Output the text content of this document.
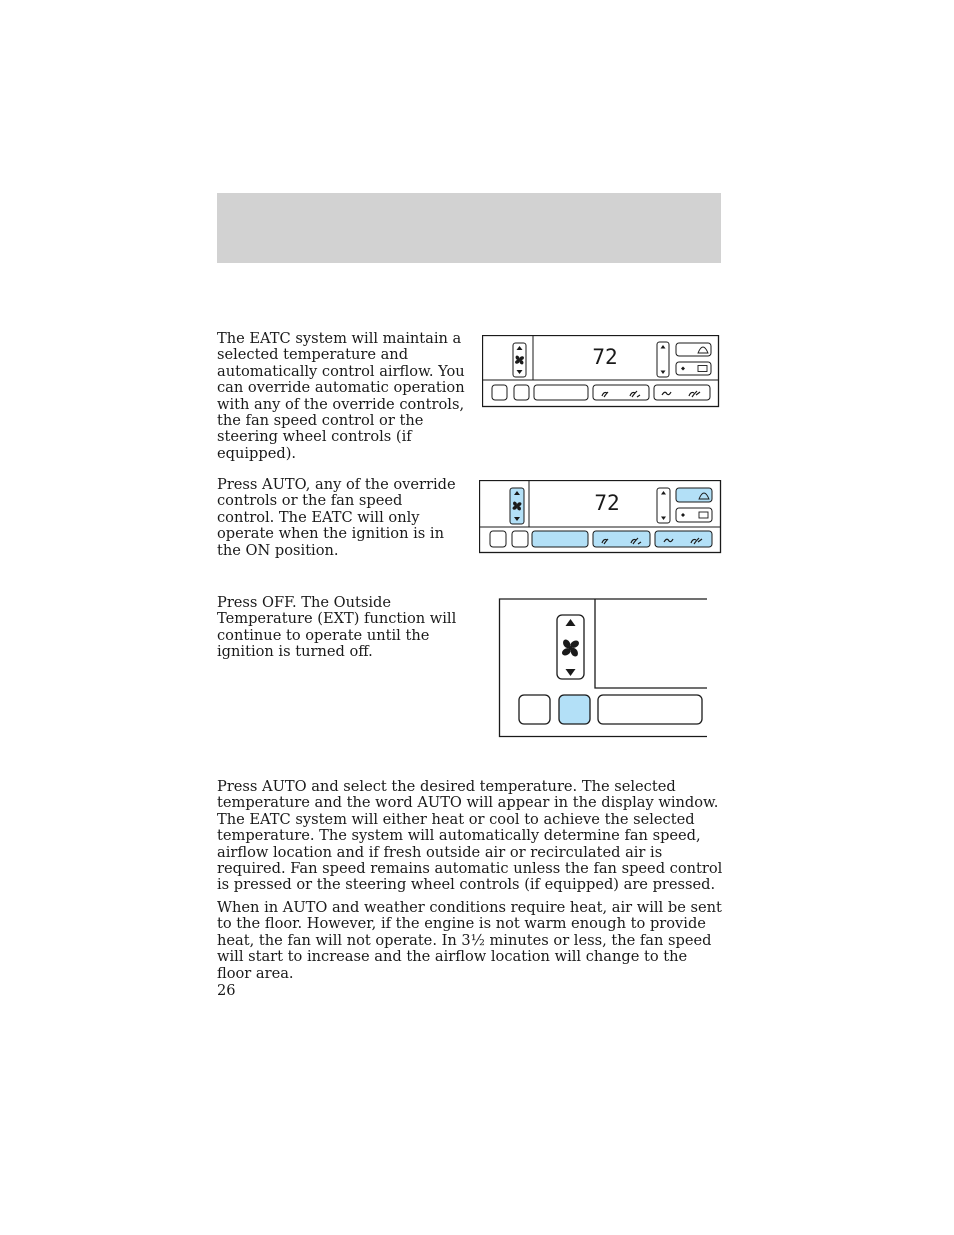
The EATC system will maintain a selected temperature and automatically control airflow. You can override automatic operation with any of the override controls, the fan speed control or the steering wheel controls (if equipped).

72

Press AUTO, any of the override controls or the fan speed control. The EATC will only operate when the ignition is in the ON position.

72

Press OFF. The Outside Temperature (EXT) function will continue to operate until the ignition is turned off.

Press AUTO and select the desired temperature. The selected temperature and the word AUTO will appear in the display window. The EATC system will either heat or cool to achieve the selected temperature. The system will automatically determine fan speed, airflow location and if fresh outside air or recirculated air is required. Fan speed remains automatic unless the fan speed control is pressed or the steering wheel controls (if equipped) are pressed.

When in AUTO and weather conditions require heat, air will be sent to the floor. However, if the engine is not warm enough to provide heat, the fan will not operate. In 3½ minutes or less, the fan speed will start to increase and the airflow location will change to the floor area.

26
